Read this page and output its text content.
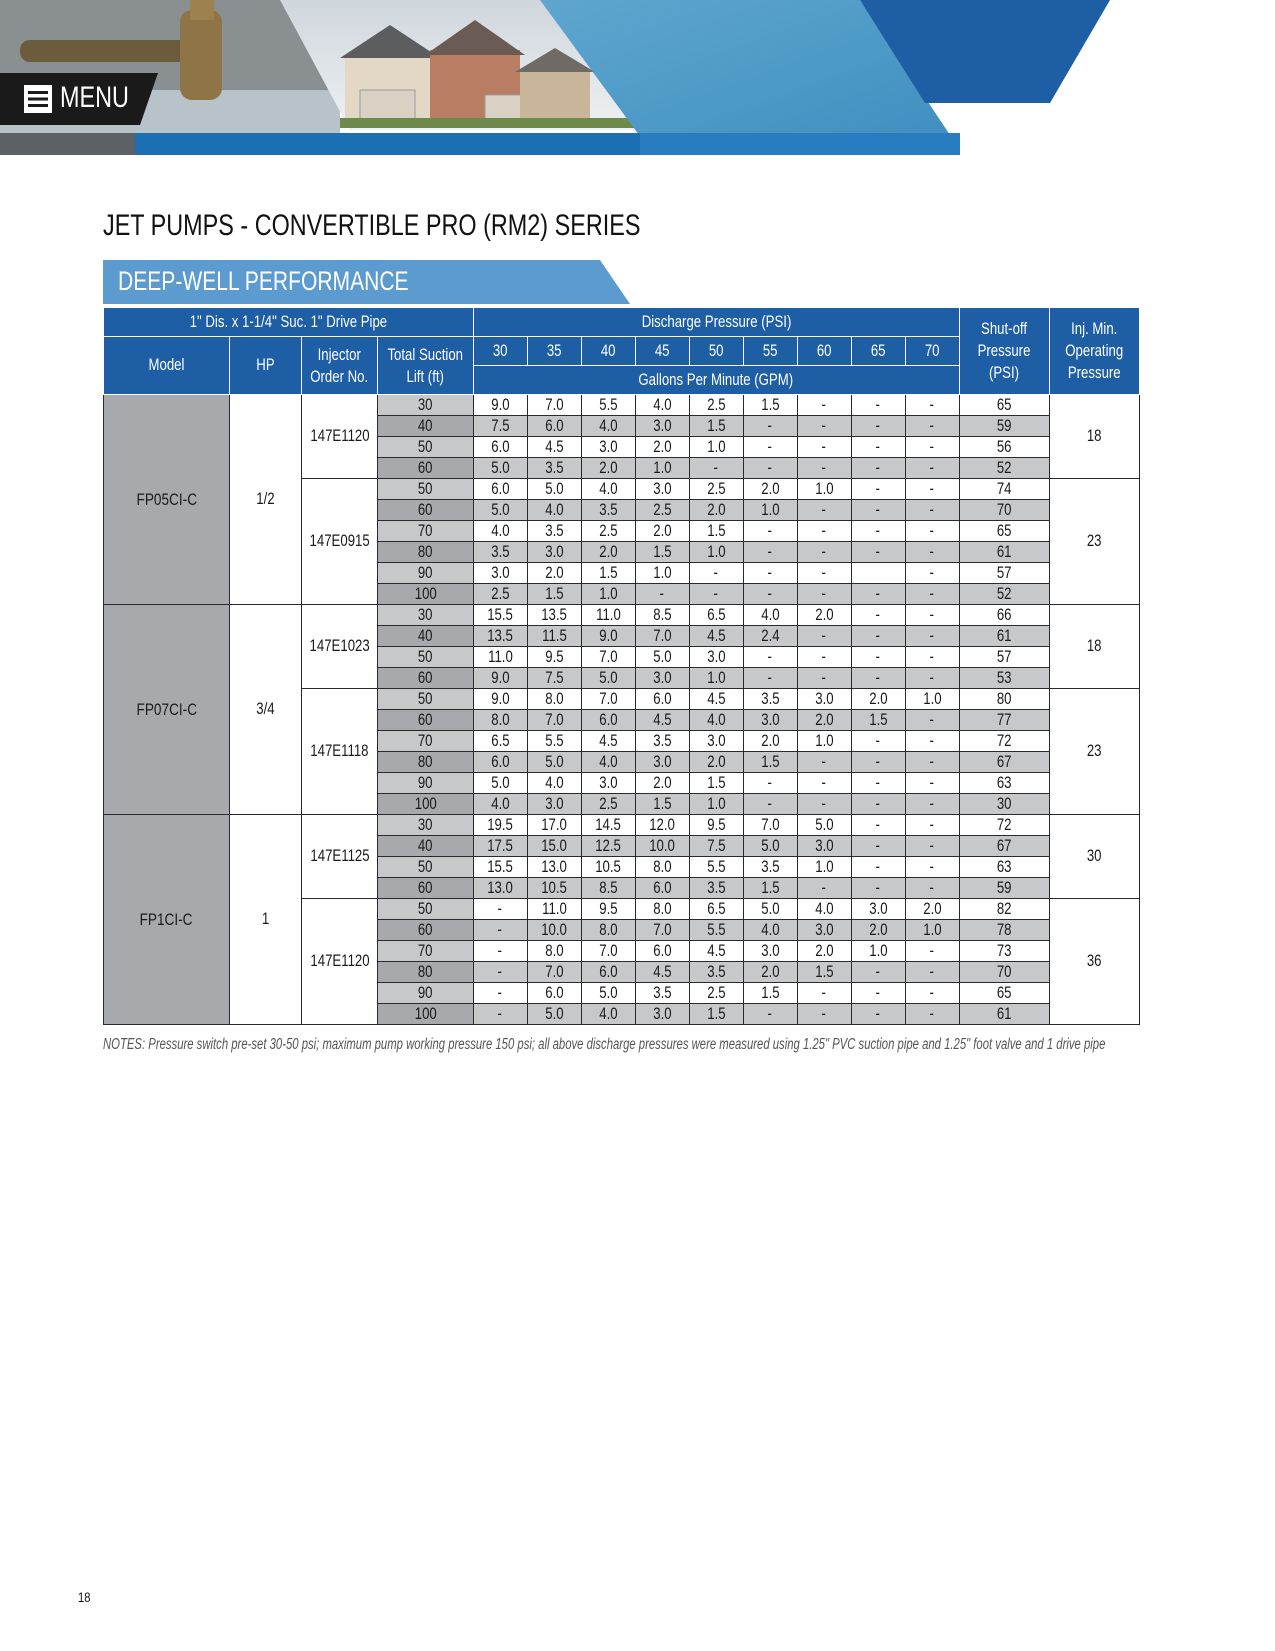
MENU
JET PUMPS - CONVERTIBLE PRO (RM2) SERIES
DEEP-WELL PERFORMANCE
1" Dis. x 1-1/4" Suc. 1" Drive Pipe				Discharge Pressure (PSI)									Shut-off
Pressure
(PSI)	Inj. Min.
Operating
Pressure
Model	HP	Injector
Order No.	Total Suction
Lift (ft)	30	35	40	45	50	55	60	65	70		
				Gallons Per Minute (GPM)										
FP05CI-C	1/2	147E1120	30	9.0	7.0	5.5	4.0	2.5	1.5	-	-	-	65	18
			40	7.5	6.0	4.0	3.0	1.5	-	-	-	-	59	
			50	6.0	4.5	3.0	2.0	1.0	-	-	-	-	56	
			60	5.0	3.5	2.0	1.0	-	-	-	-	-	52	
		147E0915	50	6.0	5.0	4.0	3.0	2.5	2.0	1.0	-	-	74	23
			60	5.0	4.0	3.5	2.5	2.0	1.0	-	-	-	70	
			70	4.0	3.5	2.5	2.0	1.5	-	-	-	-	65	
			80	3.5	3.0	2.0	1.5	1.0	-	-	-	-	61	
			90	3.0	2.0	1.5	1.0	-	-	-		-	57	
			100	2.5	1.5	1.0	-	-	-	-	-	-	52	
FP07CI-C	3/4	147E1023	30	15.5	13.5	11.0	8.5	6.5	4.0	2.0	-	-	66	18
			40	13.5	11.5	9.0	7.0	4.5	2.4	-	-	-	61	
			50	11.0	9.5	7.0	5.0	3.0	-	-	-	-	57	
			60	9.0	7.5	5.0	3.0	1.0	-	-	-	-	53	
		147E1118	50	9.0	8.0	7.0	6.0	4.5	3.5	3.0	2.0	1.0	80	23
			60	8.0	7.0	6.0	4.5	4.0	3.0	2.0	1.5	-	77	
			70	6.5	5.5	4.5	3.5	3.0	2.0	1.0	-	-	72	
			80	6.0	5.0	4.0	3.0	2.0	1.5	-	-	-	67	
			90	5.0	4.0	3.0	2.0	1.5	-	-	-	-	63	
			100	4.0	3.0	2.5	1.5	1.0	-	-	-	-	30	
FP1CI-C	1	147E1125	30	19.5	17.0	14.5	12.0	9.5	7.0	5.0	-	-	72	30
			40	17.5	15.0	12.5	10.0	7.5	5.0	3.0	-	-	67	
			50	15.5	13.0	10.5	8.0	5.5	3.5	1.0	-	-	63	
			60	13.0	10.5	8.5	6.0	3.5	1.5	-	-	-	59	
		147E1120	50	-	11.0	9.5	8.0	6.5	5.0	4.0	3.0	2.0	82	36
			60	-	10.0	8.0	7.0	5.5	4.0	3.0	2.0	1.0	78	
			70	-	8.0	7.0	6.0	4.5	3.0	2.0	1.0	-	73	
			80	-	7.0	6.0	4.5	3.5	2.0	1.5	-	-	70	
			90	-	6.0	5.0	3.5	2.5	1.5	-	-	-	65	
			100	-	5.0	4.0	3.0	1.5	-	-	-	-	61	

NOTES: Pressure switch pre-set 30-50 psi; maximum pump working pressure 150 psi; all above discharge pressures were measured using 1.25" PVC suction pipe and 1.25" foot valve and 1 drive pipe

18
